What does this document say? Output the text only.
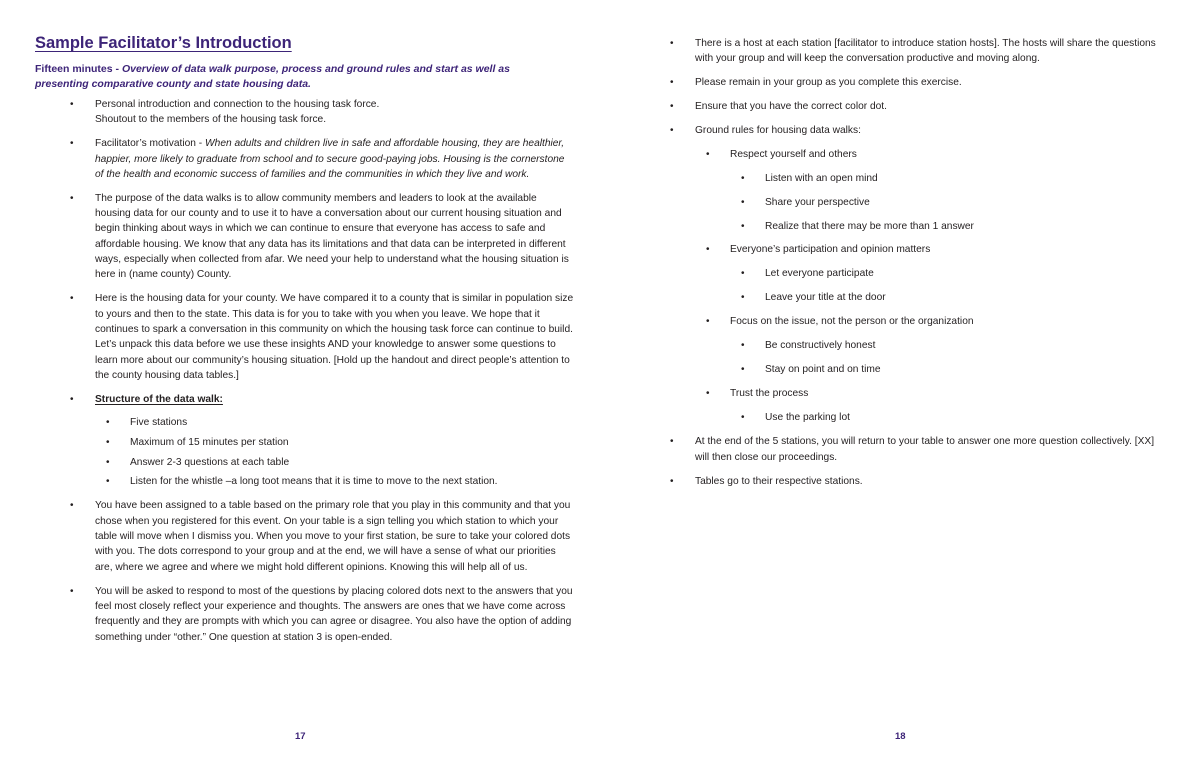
Sample Facilitator’s Introduction

Fifteen minutes - Overview of data walk purpose, process and ground rules and start as well as presenting comparative county and state housing data.

• Personal introduction and connection to the housing task force.
Shoutout to the members of the housing task force.
• Facilitator’s motivation - When adults and children live in safe and affordable housing, they are healthier, happier, more likely to graduate from school and to secure good-paying jobs. Housing is the cornerstone of the health and economic success of families and the communities in which they live and work.
• The purpose of the data walks is to allow community members and leaders to look at the available housing data for our county and to use it to have a conversation about our current housing situation and begin thinking about ways in which we can continue to ensure that everyone has access to safe and affordable housing. We know that any data has its limitations and that data can be interpreted in different ways, especially when collected from afar. We need your help to understand what the housing situation is here in (name county) County.
• Here is the housing data for your county. We have compared it to a county that is similar in population size to yours and then to the state. This data is for you to take with you when you leave. We hope that it continues to spark a conversation in this community on which the housing task force can continue to build. Let’s unpack this data before we use these insights AND your knowledge to answer some questions to learn more about our community’s housing situation. [Hold up the handout and direct people’s attention to the county housing data tables.]
• Structure of the data walk:
• Five stations
• Maximum of 15 minutes per station
• Answer 2-3 questions at each table
• Listen for the whistle –a long toot means that it is time to move to the next station.
• You have been assigned to a table based on the primary role that you play in this community and that you chose when you registered for this event. On your table is a sign telling you which station to which your table will move when I dismiss you. When you move to your first station, be sure to take your colored dots with you. The dots correspond to your group and at the end, we will have a sense of what our priorities are, where we agree and where we might hold different opinions. Knowing this will help all of us.
• You will be asked to respond to most of the questions by placing colored dots next to the answers that you feel most closely reflect your experience and thoughts. The answers are ones that we have come across frequently and they are prompts with which you can agree or disagree. You also have the option of adding something under “other.” One question at station 3 is open-ended.
17
• There is a host at each station [facilitator to introduce station hosts]. The hosts will share the questions with your group and will keep the conversation productive and moving along.
• Please remain in your group as you complete this exercise.
• Ensure that you have the correct color dot.
• Ground rules for housing data walks:
• Respect yourself and others
• Listen with an open mind
• Share your perspective
• Realize that there may be more than 1 answer
• Everyone’s participation and opinion matters
• Let everyone participate
• Leave your title at the door
• Focus on the issue, not the person or the organization
• Be constructively honest
• Stay on point and on time
• Trust the process
• Use the parking lot
• At the end of the 5 stations, you will return to your table to answer one more question collectively. [XX] will then close our proceedings.
• Tables go to their respective stations.
18
